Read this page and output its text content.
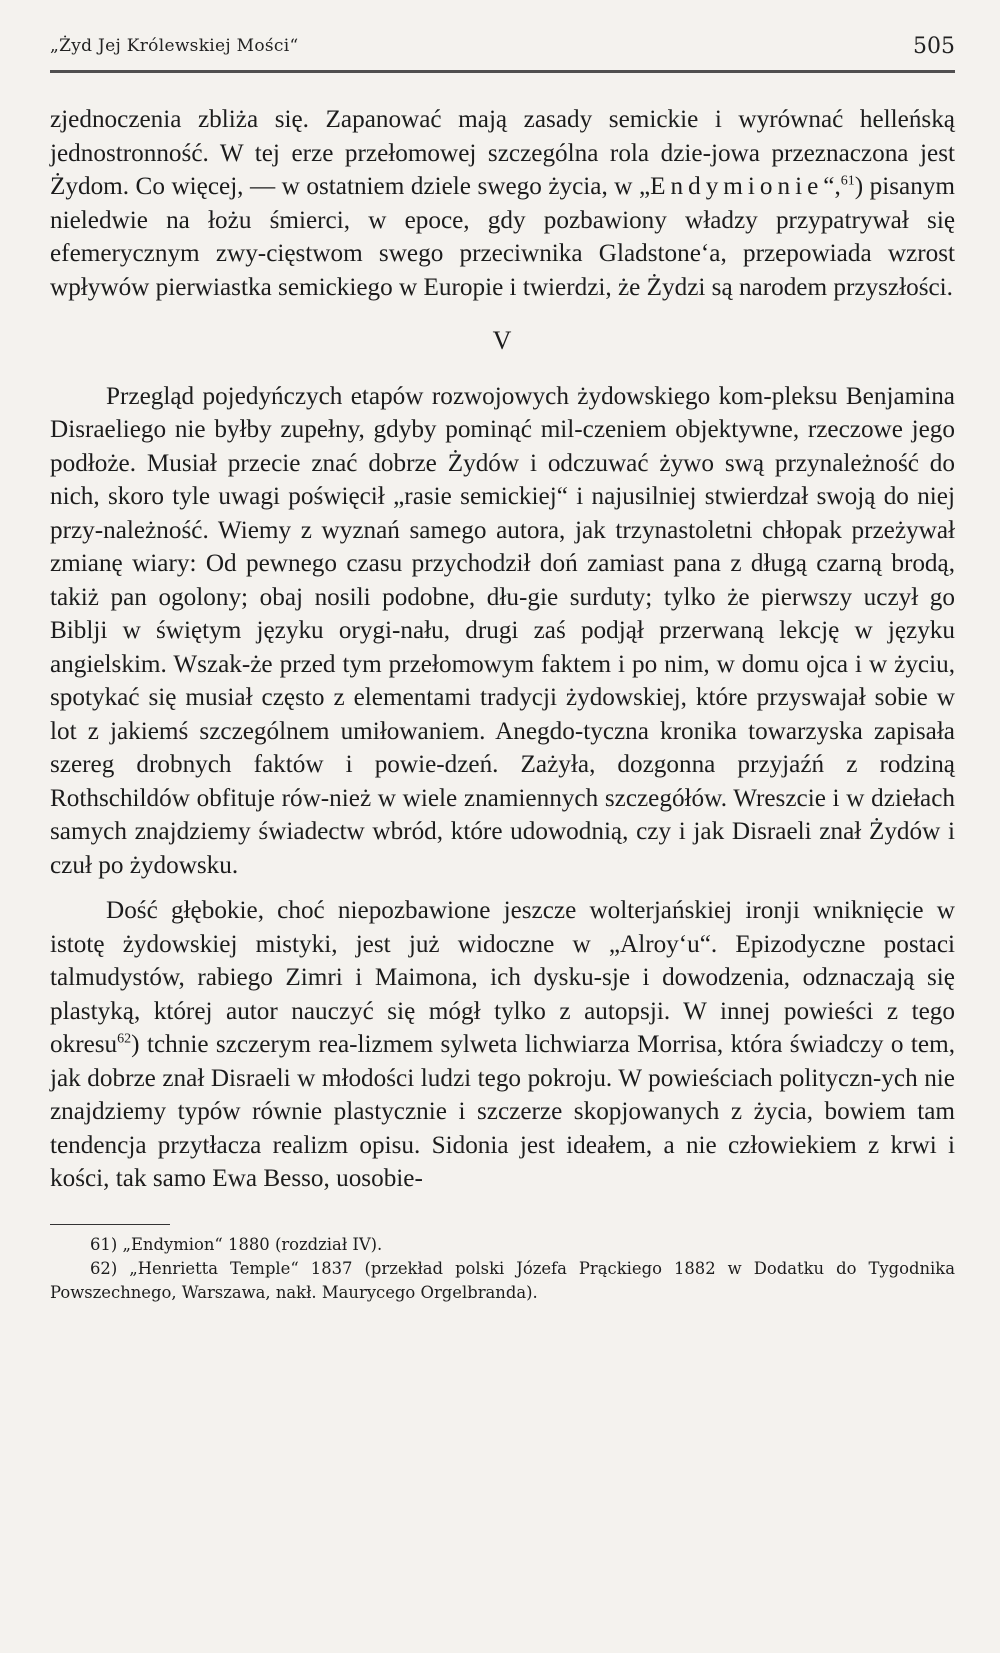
„Żyd Jej Królewskiej Mości“	505

zjednoczenia zbliża się. Zapanować mają zasady semickie i wyrównać helleńską jednostronność. W tej erze przełomowej szczególna rola dzie-jowa przeznaczona jest Żydom. Co więcej, — w ostatniem dziele swego życia, w „Endymionie“,$^{61}$) pisanym nieledwie na łożu śmierci, w epoce, gdy pozbawiony władzy przypatrywał się efemerycznym zwy-cięstwom swego przeciwnika Gladstone‘a, przepowiada wzrost wpływów pierwiastka semickiego w Europie i twierdzi, że Żydzi są narodem przyszłości.

V

Przegląd pojedyńczych etapów rozwojowych żydowskiego kom-pleksu Benjamina Disraeliego nie byłby zupełny, gdyby pominąć mil-czeniem objektywne, rzeczowe jego podłoże. Musiał przecie znać dobrze Żydów i odczuwać żywo swą przynależność do nich, skoro tyle uwagi poświęcił „rasie semickiej“ i najusilniej stwierdzał swoją do niej przy-należność. Wiemy z wyznań samego autora, jak trzynastoletni chłopak przeżywał zmianę wiary: Od pewnego czasu przychodził doń zamiast pana z długą czarną brodą, takiż pan ogolony; obaj nosili podobne, dłu-gie surduty; tylko że pierwszy uczył go Biblji w świętym języku orygi-nału, drugi zaś podjął przerwaną lekcję w języku angielskim. Wszak-że przed tym przełomowym faktem i po nim, w domu ojca i w życiu, spotykać się musiał często z elementami tradycji żydowskiej, które przyswajał sobie w lot z jakiemś szczególnem umiłowaniem. Anegdo-tyczna kronika towarzyska zapisała szereg drobnych faktów i powie-dzeń. Zażyła, dozgonna przyjaźń z rodziną Rothschildów obfituje rów-nież w wiele znamiennych szczegółów. Wreszcie i w dziełach samych znajdziemy świadectw wbród, które udowodnią, czy i jak Disraeli znał Żydów i czuł po żydowsku.

Dość głębokie, choć niepozbawione jeszcze wolterjańskiej ironji wniknięcie w istotę żydowskiej mistyki, jest już widoczne w „Alroy‘u“. Epizodyczne postaci talmudystów, rabiego Zimri i Maimona, ich dysku-sje i dowodzenia, odznaczają się plastyką, której autor nauczyć się mógł tylko z autopsji. W innej powieści z tego okresu$^{62}$) tchnie szczerym rea-lizmem sylweta lichwiarza Morrisa, która świadczy o tem, jak dobrze znał Disraeli w młodości ludzi tego pokroju. W powieściach polityczn-ych nie znajdziemy typów równie plastycznie i szczerze skopjowanych z życia, bowiem tam tendencja przytłacza realizm opisu. Sidonia jest ideałem, a nie człowiekiem z krwi i kości, tak samo Ewa Besso, uosobie-

61) „Endymion“ 1880 (rozdział IV).

62) „Henrietta Temple“ 1837 (przekład polski Józefa Prąckiego 1882 w Dodatku do Tygodnika Powszechnego, Warszawa, nakł. Maurycego Orgelbranda).
